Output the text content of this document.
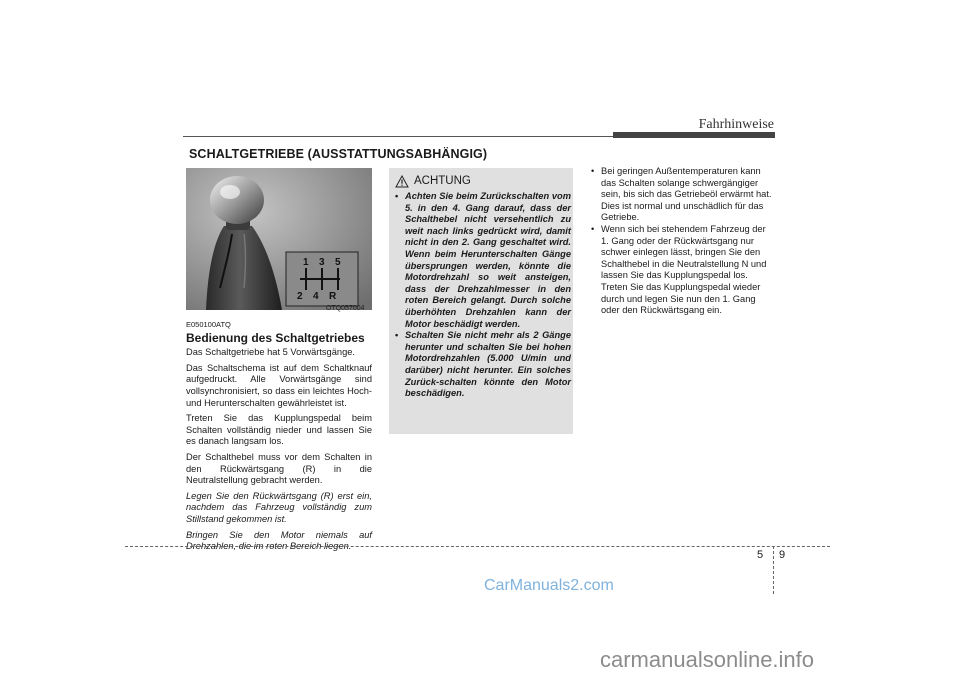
Fahrhinweise
SCHALTGETRIEBE (AUSSTATTUNGSABHÄNGIG)
1 3 5
2 4 R
OTQ057004

E050100ATQ

Bedienung des Schaltgetriebes

Das Schaltgetriebe hat 5 Vorwärtsgänge.

Das Schaltschema ist auf dem Schaltknauf aufgedruckt. Alle Vorwärtsgänge sind vollsynchronisiert, so dass ein leichtes Hoch- und Herunterschalten gewährleistet ist.

Treten Sie das Kupplungspedal beim Schalten vollständig nieder und lassen Sie es danach langsam los.

Der Schalthebel muss vor dem Schalten in den Rückwärtsgang (R) in die Neutralstellung gebracht werden.

Legen Sie den Rückwärtsgang (R) erst ein, nachdem das Fahrzeug vollständig zum Stillstand gekommen ist.

Bringen Sie den Motor niemals auf Drehzahlen, die im roten Bereich liegen.

ACHTUNG
• Achten Sie beim Zurückschalten vom 5. in den 4. Gang darauf, dass der Schalthebel nicht versehentlich zu weit nach links gedrückt wird, damit nicht in den 2. Gang geschaltet wird. Wenn beim Herunterschalten Gänge übersprungen werden, könnte die Motordrehzahl so weit ansteigen, dass der Drehzahlmesser in den roten Bereich gelangt. Durch solche überhöhten Drehzahlen kann der Motor beschädigt werden.
• Schalten Sie nicht mehr als 2 Gänge herunter und schalten Sie bei hohen Motordrehzahlen (5.000 U/min und darüber) nicht herunter. Ein solches Zurück-schalten könnte den Motor beschädigen.
• Bei geringen Außentemperaturen kann das Schalten solange schwergängiger sein, bis sich das Getriebeöl erwärmt hat. Dies ist normal und unschädlich für das Getriebe.
• Wenn sich bei stehendem Fahrzeug der 1. Gang oder der Rückwärtsgang nur schwer einlegen lässt, bringen Sie den Schalthebel in die Neutralstellung N und lassen Sie das Kupplungspedal los. Treten Sie das Kupplungspedal wieder durch und legen Sie nun den 1. Gang oder den Rückwärtsgang ein.
5 9
CarManuals2.com
carmanualsonline.info
